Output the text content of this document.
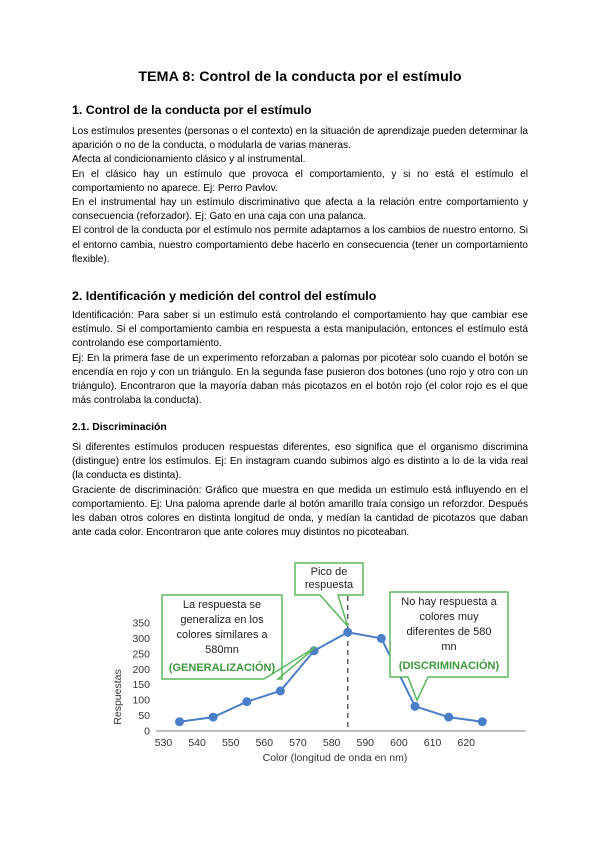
TEMA 8: Control de la conducta por el estímulo
1. Control de la conducta por el estímulo

Los estímulos presentes (personas o el contexto) en la situación de aprendizaje pueden determinar la aparición o no de la conducta, o modularla de varias maneras.

Afecta al condicionamiento clásico y al instrumental.

En el clásico hay un estímulo que provoca el comportamiento, y si no está el estímulo el comportamiento no aparece. Ej: Perro Pavlov.

En el instrumental hay un estímulo discriminativo que afecta a la relación entre comportamiento y consecuencia (reforzador). Ej: Gato en una caja con una palanca.

El control de la conducta por el estímulo nos permite adaptarnos a los cambios de nuestro entorno. Si el entorno cambia, nuestro comportamiento debe hacerlo en consecuencia (tener un comportamiento flexible).

2. Identificación y medición del control del estímulo

Identificación: Para saber si un estímulo está controlando el comportamiento hay que cambiar ese estímulo. Si el comportamiento cambia en respuesta a esta manipulación, entonces el estímulo está controlando ese comportamiento.

Ej: En la primera fase de un experimento reforzaban a palomas por picotear solo cuando el botón se encendía en rojo y con un triángulo. En la segunda fase pusieron dos botones (uno rojo y otro con un triángulo). Encontraron que la mayoría daban más picotazos en el botón rojo (el color rojo es el que más controlaba la conducta).

2.1. Discriminación

Si diferentes estímulos producen respuestas diferentes, eso significa que el organismo discrimina (distingue) entre los estímulos. Ej: En instagram cuando subimos algo es distinto a lo de la vida real (la conducta es distinta).

Graciente de discriminación: Gráfico que muestra en que medida un estímulo está influyendo en el comportamiento. Ej: Una paloma aprende darle al botón amarillo traía consigo un reforzdor. Después les daban otros colores en distinta longitud de onda, y medían la cantidad de picotazos que daban ante cada color. Encontraron que ante colores muy distintos no picoteaban.

0
50
100
150
200
250
300
350
530 540 550 560 570 580 590 600 610 620
Color (longitud de onda en nm)
Respuestas
Pico de
respuesta
La respuesta se
generaliza en los
colores similares a
580mn
(GENERALIZACIÓN)
No hay respuesta a
colores muy
diferentes de 580
mn
(DISCRIMINACIÓN)
